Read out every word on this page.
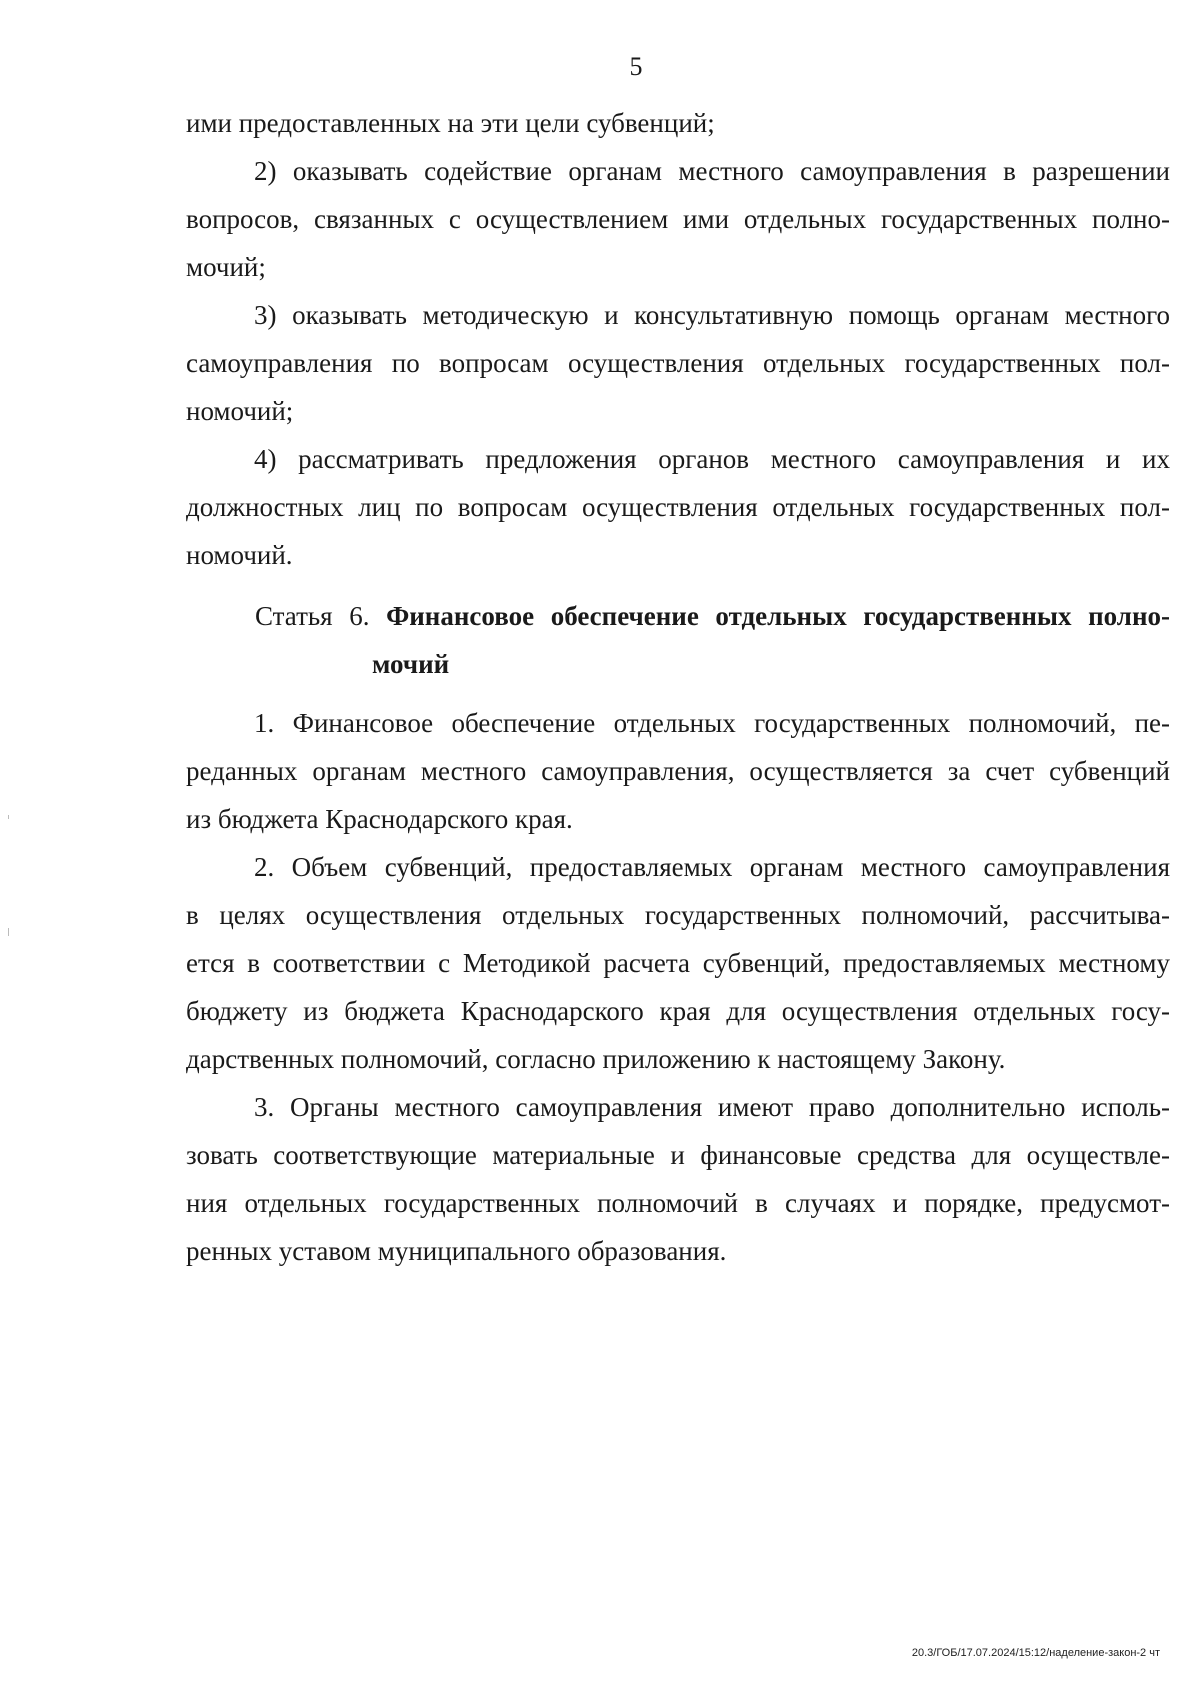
5
ими предоставленных на эти цели субвенций;
2) оказывать содействие органам местного самоуправления в разрешении
вопросов, связанных с осуществлением ими отдельных государственных полно-
мочий;
3) оказывать методическую и консультативную помощь органам местного
самоуправления по вопросам осуществления отдельных государственных пол-
номочий;
4) рассматривать предложения органов местного самоуправления и их
должностных лиц по вопросам осуществления отдельных государственных пол-
номочий.
Статья 6. Финансовое обеспечение отдельных государственных полно-
мочий
1. Финансовое обеспечение отдельных государственных полномочий, пе-
реданных органам местного самоуправления, осуществляется за счет субвенций
из бюджета Краснодарского края.
2. Объем субвенций, предоставляемых органам местного самоуправления
в целях осуществления отдельных государственных полномочий, рассчитыва-
ется в соответствии с Методикой расчета субвенций, предоставляемых местному
бюджету из бюджета Краснодарского края для осуществления отдельных госу-
дарственных полномочий, согласно приложению к настоящему Закону.
3. Органы местного самоуправления имеют право дополнительно исполь-
зовать соответствующие материальные и финансовые средства для осуществле-
ния отдельных государственных полномочий в случаях и порядке, предусмот-
ренных уставом муниципального образования.
20.3/ГОБ/17.07.2024/15:12/наделение-закон-2 чт
